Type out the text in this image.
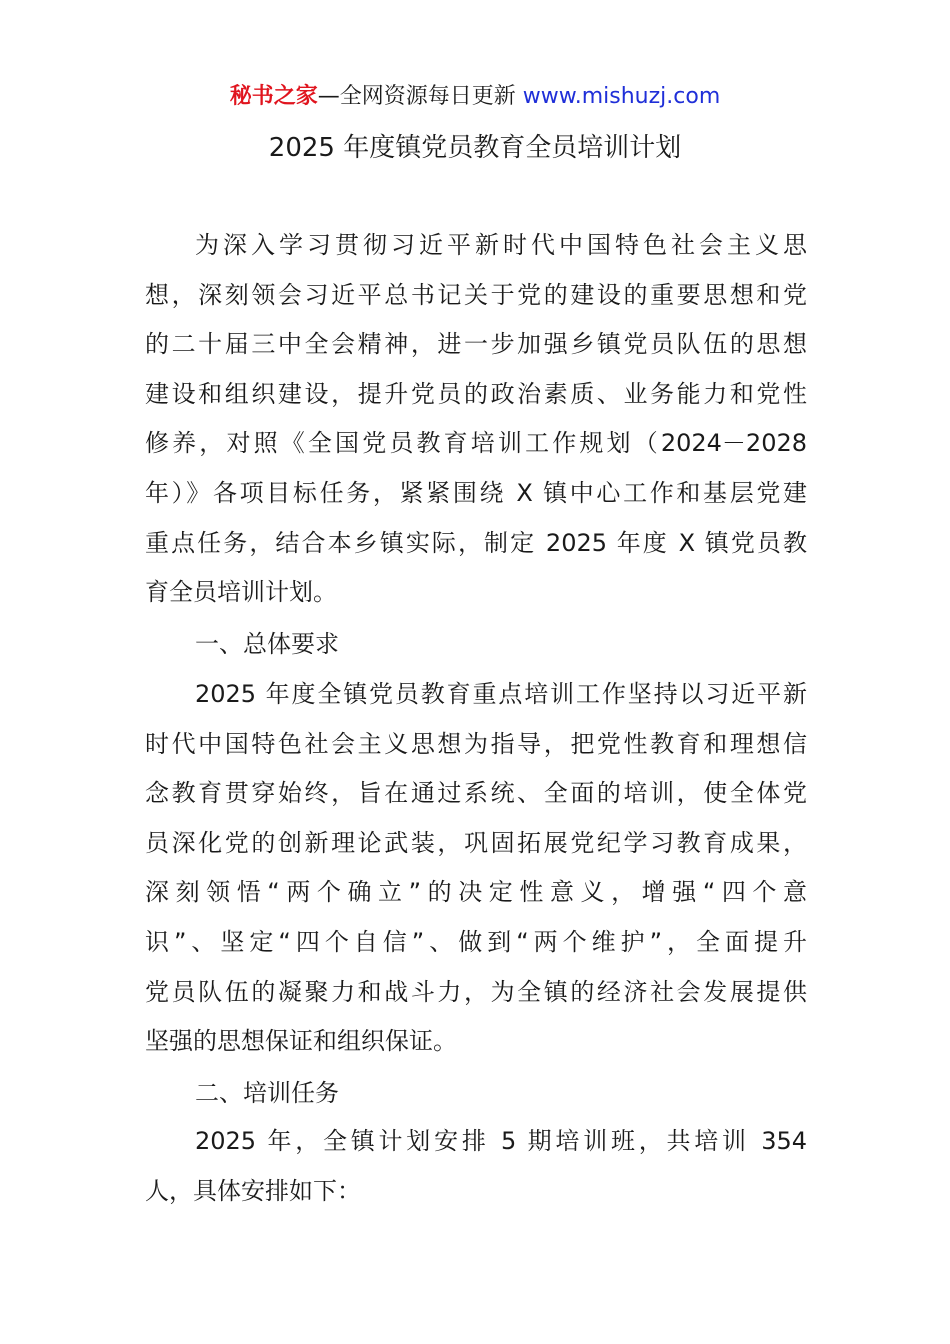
秘书之家—全网资源每日更新 www.mishuzj.com
2025 年度镇党员教育全员培训计划
为深入学习贯彻习近平新时代中国特色社会主义思
想，深刻领会习近平总书记关于党的建设的重要思想和党
的二十届三中全会精神，进一步加强乡镇党员队伍的思想
建设和组织建设，提升党员的政治素质、业务能力和党性
修养，对照《全国党员教育培训工作规划（2024－2028
年）》各项目标任务，紧紧围绕 X 镇中心工作和基层党建
重点任务，结合本乡镇实际，制定 2025 年度 X 镇党员教
育全员培训计划。
一、总体要求
2025 年度全镇党员教育重点培训工作坚持以习近平新
时代中国特色社会主义思想为指导，把党性教育和理想信
念教育贯穿始终，旨在通过系统、全面的培训，使全体党
员深化党的创新理论武装，巩固拓展党纪学习教育成果，
深刻领悟“两个确立”的决定性意义，增强“四个意
识”、坚定“四个自信”、做到“两个维护”，全面提升
党员队伍的凝聚力和战斗力，为全镇的经济社会发展提供
坚强的思想保证和组织保证。
二、培训任务
2025 年，全镇计划安排 5 期培训班，共培训 354
人，具体安排如下：
